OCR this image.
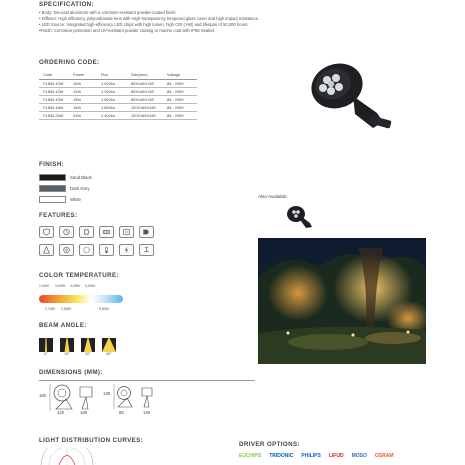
SPECIFICATION:
• Body: Die-cast aluminum with a corrosion-resistant powder-coated finish.
• Diffuser: High efficiency polycarbonate lens with High-transparency tempered glass cover and high impact resistance.
• LED Source: Integrated high-efficiency LED chips with high lumen, high CRI (>90) and lifespan of 50,000 hours.
•Finish: Corrosion protection and UV-resistant powder coating or marine coat with IP66 Sealed.
ORDERING CODE:
Code	Power	Flux	Size(mm)	Voltage
CLBEL10W	10W	1,000lm	85X146X138	85 - 265V
CLBEL12W	12W	1,200lm	85X146X138	85 - 265V
CLBEL15W	15W	1,500lm	85X146X138	85 - 265V
CLBEL18W	18W	1,800lm	120X189X180	85 - 265V
CLBEL24W	24W	2,400lm	120X189X180	85 - 265V
FINISH:
Sand Black
Dark Grey
White
Also Available:
FEATURES:
COLOR TEMPERATURE:
2,400K 3,000K 4,000K 5,000K
2,700K 3,500K	6,500K
BEAM ANGLE:
5°	15°	30°	60°
DIMENSIONS (MM):
180
120	189
138
85	146
LIGHT DISTRIBUTION CURVES:
DRIVER OPTIONS:
EUCHIPS TRIDONIC PHILIPS LIFUD MOSO OSRAM
